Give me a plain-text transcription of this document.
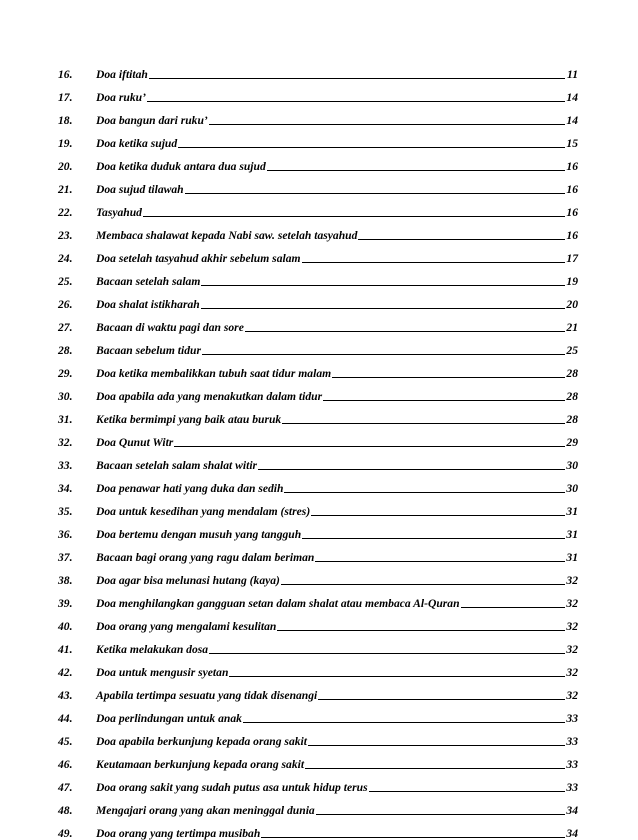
16.	Doa iftitah	11
17.	Doa ruku’	14
18.	Doa bangun dari ruku’	14
19.	Doa ketika sujud	15
20.	Doa ketika duduk antara dua sujud	16
21.	Doa sujud tilawah	16
22.	Tasyahud	16
23.	Membaca shalawat kepada Nabi saw. setelah tasyahud	16
24.	Doa setelah tasyahud akhir sebelum salam	17
25.	Bacaan setelah salam	19
26.	Doa shalat istikharah	20
27.	Bacaan di waktu pagi dan sore	21
28.	Bacaan sebelum tidur	25
29.	Doa ketika membalikkan tubuh saat tidur malam	28
30.	Doa apabila ada yang menakutkan dalam tidur	28
31.	Ketika bermimpi yang baik atau buruk	28
32.	Doa Qunut Witr	29
33.	Bacaan setelah salam shalat witir	30
34.	Doa penawar hati yang duka dan sedih	30
35.	Doa untuk kesedihan yang mendalam (stres)	31
36.	Doa bertemu dengan musuh yang tangguh	31
37.	Bacaan bagi orang yang ragu dalam beriman	31
38.	Doa agar bisa melunasi hutang (kaya)	32
39.	Doa menghilangkan gangguan setan dalam shalat atau membaca Al-Quran	32
40.	Doa orang yang mengalami kesulitan	32
41.	Ketika melakukan dosa	32
42.	Doa untuk mengusir syetan	32
43.	Apabila tertimpa sesuatu yang tidak disenangi	32
44.	Doa perlindungan untuk anak	33
45.	Doa apabila berkunjung kepada orang sakit	33
46.	Keutamaan berkunjung kepada orang sakit	33
47.	Doa orang sakit yang sudah putus asa untuk hidup terus	33
48.	Mengajari orang yang akan meninggal dunia	34
49.	Doa orang yang tertimpa musibah	34
